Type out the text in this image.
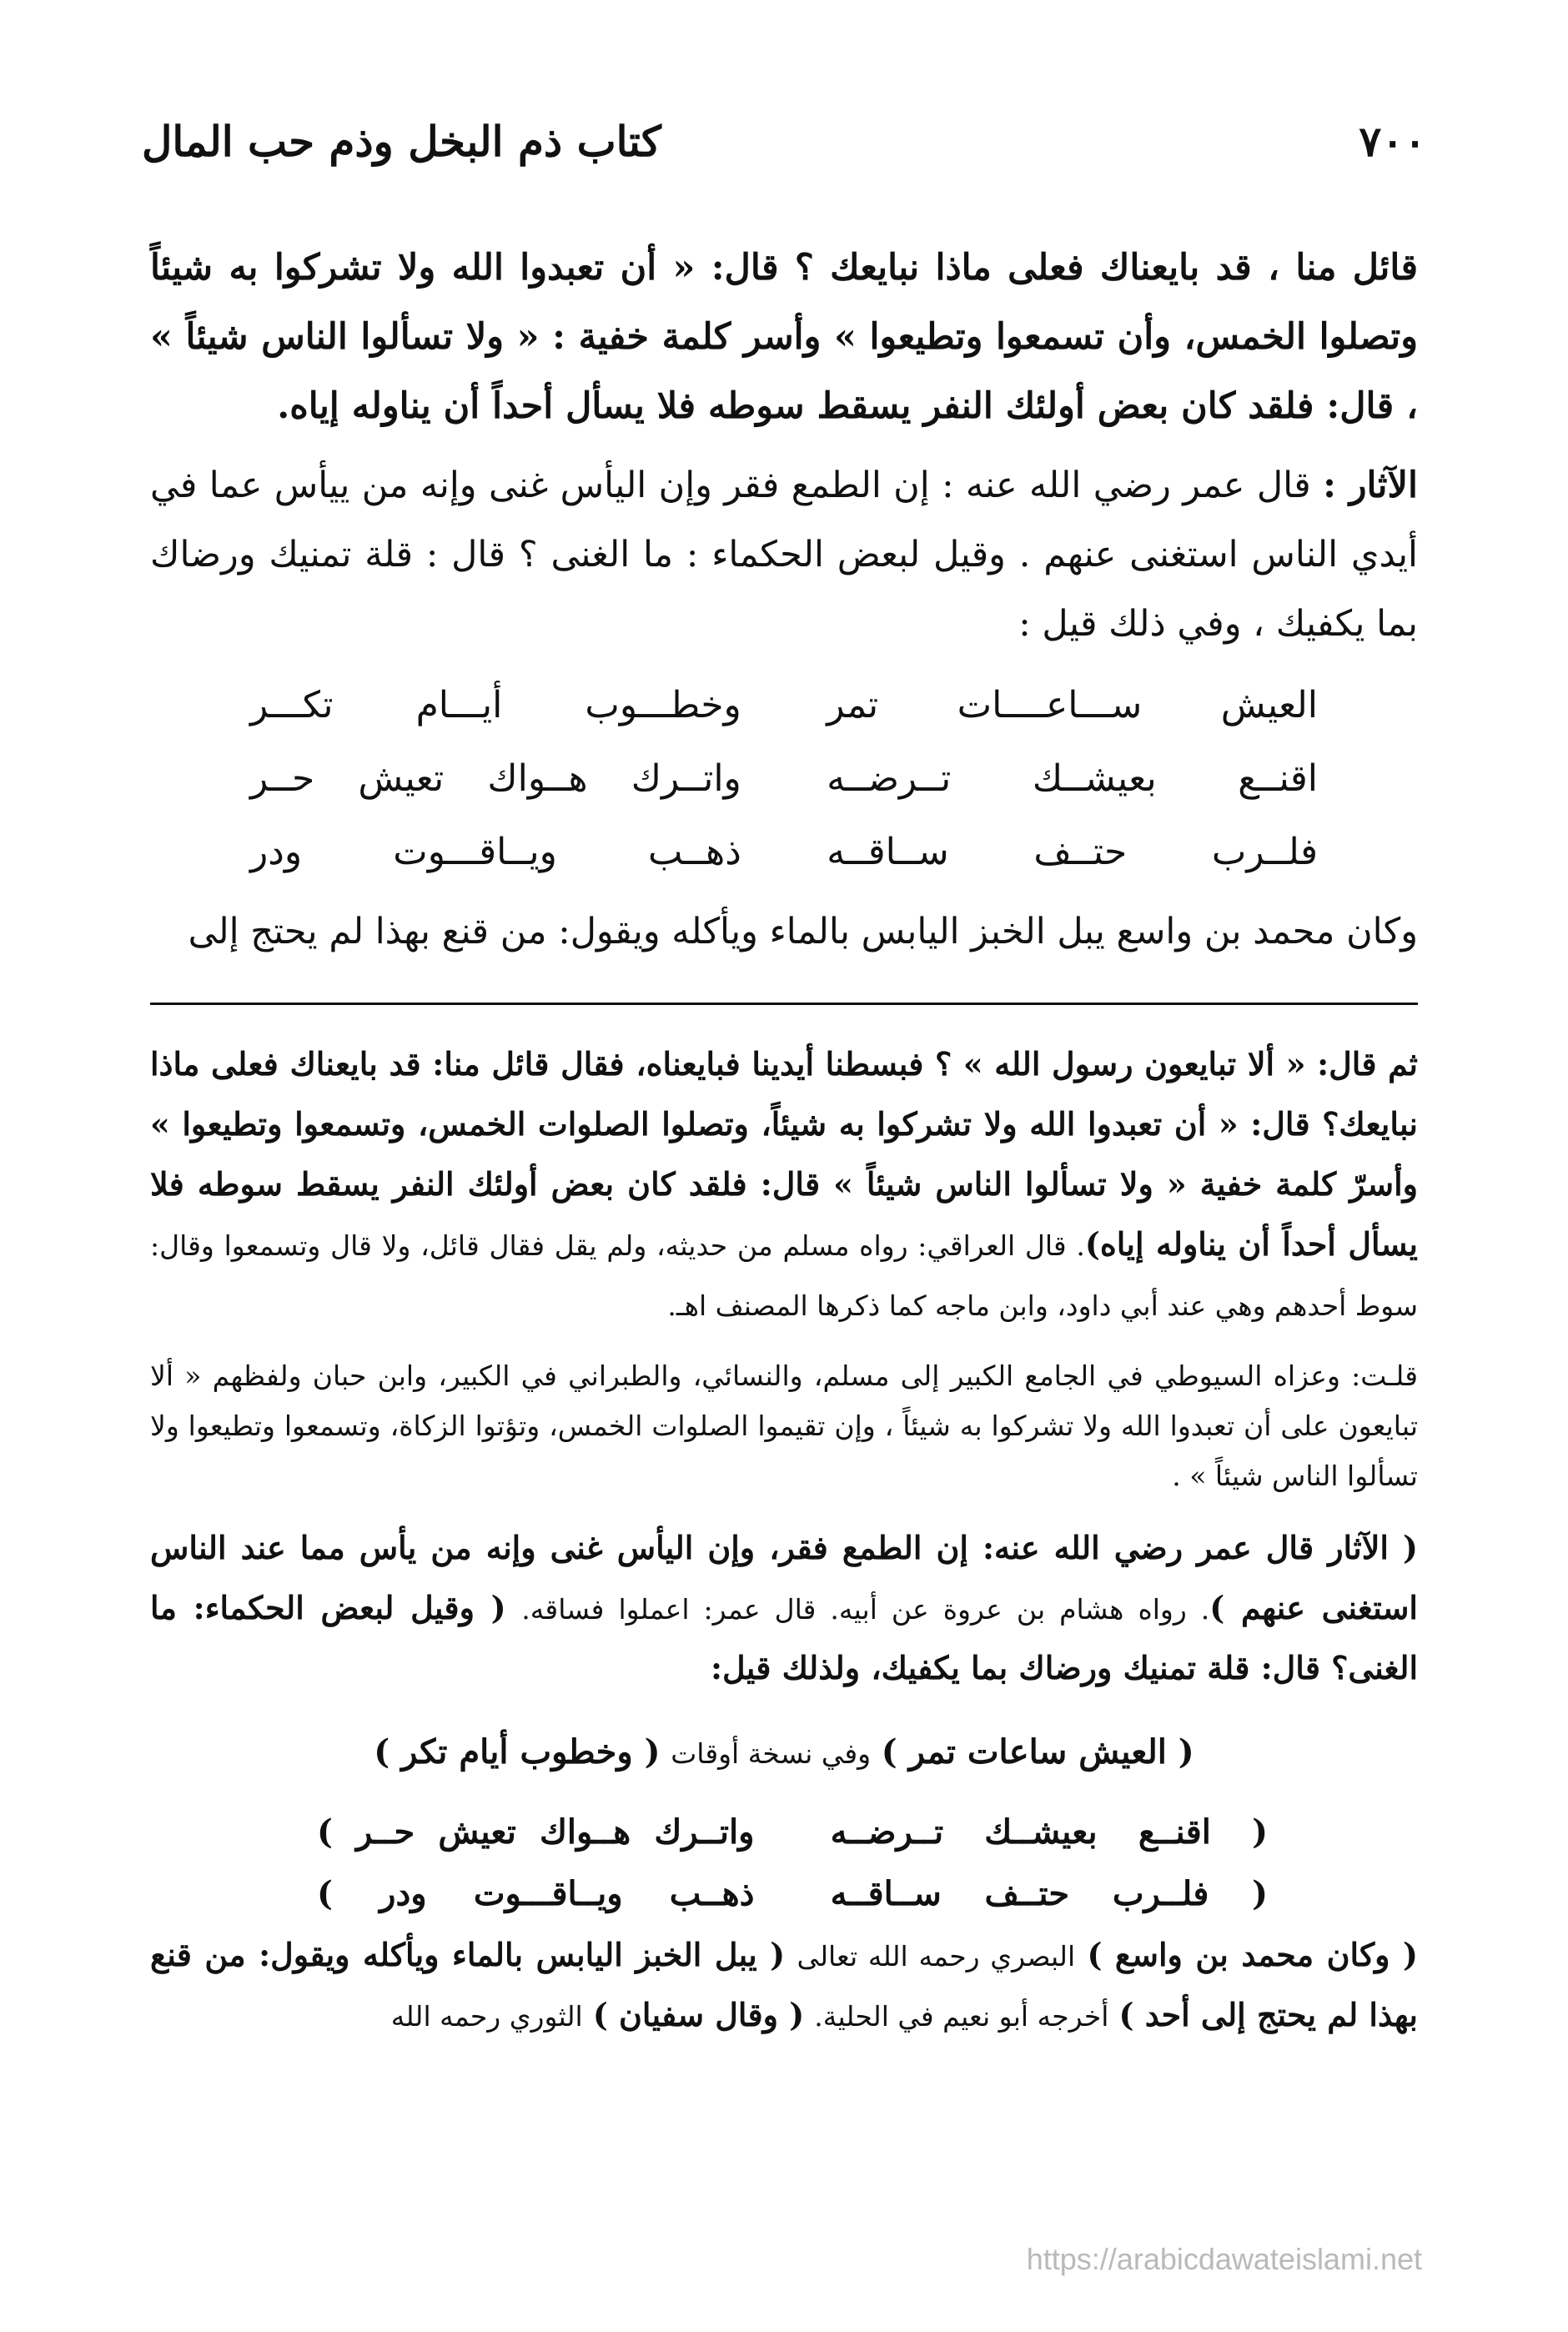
٧٠٠
كتاب ذم البخل وذم حب المال

قائل منا ، قد بايعناك فعلى ماذا نبايعك ؟ قال: « أن تعبدوا الله ولا تشركوا به شيئاً وتصلوا الخمس، وأن تسمعوا وتطيعوا » وأسر كلمة خفية : « ولا تسألوا الناس شيئاً » ، قال: فلقد كان بعض أولئك النفر يسقط سوطه فلا يسأل أحداً أن يناوله إياه.

الآثار : قال عمر رضي الله عنه : إن الطمع فقر وإن اليأس غنى وإنه من ييأس عما في أيدي الناس استغنى عنهم . وقيل لبعض الحكماء : ما الغنى ؟ قال : قلة تمنيك ورضاك بما يكفيك ، وفي ذلك قيل :

العيش ســـاعــــات تمر
وخطـــوب أيـــام تكـــر
اقنــع بعيشــك تــرضــه
واتــرك هــواك تعيش حــر
فلــرب حتــف ســاقــه
ذهــب ويــاقـــوت ودر

وكان محمد بن واسع يبل الخبز اليابس بالماء ويأكله ويقول: من قنع بهذا لم يحتج إلى

ثم قال: « ألا تبايعون رسول الله » ؟ فبسطنا أيدينا فبايعناه، فقال قائل منا: قد بايعناك فعلى ماذا نبايعك؟ قال: « أن تعبدوا الله ولا تشركوا به شيئاً، وتصلوا الصلوات الخمس، وتسمعوا وتطيعوا » وأسرّ كلمة خفية « ولا تسألوا الناس شيئاً » قال: فلقد كان بعض أولئك النفر يسقط سوطه فلا يسأل أحداً أن يناوله إياه). قال العراقي: رواه مسلم من حديثه، ولم يقل فقال قائل، ولا قال وتسمعوا وقال: سوط أحدهم وهي عند أبي داود، وابن ماجه كما ذكرها المصنف اهـ.

قلـت: وعزاه السيوطي في الجامع الكبير إلى مسلم، والنسائي، والطبراني في الكبير، وابن حبان ولفظهم « ألا تبايعون على أن تعبدوا الله ولا تشركوا به شيئاً ، وإن تقيموا الصلوات الخمس، وتؤتوا الزكاة، وتسمعوا وتطيعوا ولا تسألوا الناس شيئاً » .

( الآثار قال عمر رضي الله عنه: إن الطمع فقر، وإن اليأس غنى وإنه من يأس مما عند الناس استغنى عنهم ). رواه هشام بن عروة عن أبيه. قال عمر: اعملوا فساقه. ( وقيل لبعض الحكماء: ما الغنى؟ قال: قلة تمنيك ورضاك بما يكفيك، ولذلك قيل:

( العيش ساعات تمر ) وفي نسخة أوقات ( وخطوب أيام تكر )
( اقنــع بعيشــك تــرضــه
واتــرك هــواك تعيش حــر )
( فلــرب حتــف ســاقــه
ذهــب ويــاقـــوت ودر )

( وكان محمد بن واسع ) البصري رحمه الله تعالى ( يبل الخبز اليابس بالماء ويأكله ويقول: من قنع بهذا لم يحتج إلى أحد ) أخرجه أبو نعيم في الحلية. ( وقال سفيان ) الثوري رحمه الله

https://arabicdawateislami.net
